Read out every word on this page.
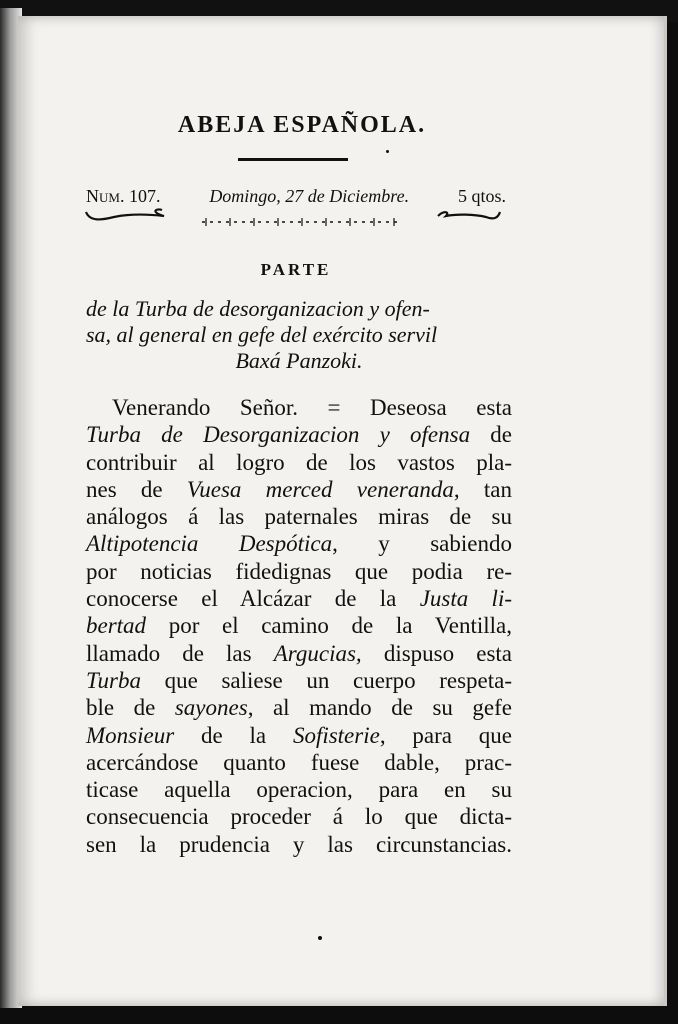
ABEJA ESPAÑOLA.
Num. 107.	Domingo, 27 de Diciembre.	5 qtos.
PARTE
de la Turba de desorganizacion y ofen-
sa, al general en gefe del exército servil
Baxá Panzoki.
Venerando Señor. = Deseosa esta
Turba de Desorganizacion y ofensa de
contribuir al logro de los vastos pla-
nes de Vuesa merced veneranda, tan
análogos á las paternales miras de su
Altipotencia Despótica, y sabiendo
por noticias fidedignas que podia re-
conocerse el Alcázar de la Justa li-
bertad por el camino de la Ventilla,
llamado de las Argucias, dispuso esta
Turba que saliese un cuerpo respeta-
ble de sayones, al mando de su gefe
Monsieur de la Sofisterie, para que
acercándose quanto fuese dable, prac-
ticase aquella operacion, para en su
consecuencia proceder á lo que dicta-
sen la prudencia y las circunstancias.
